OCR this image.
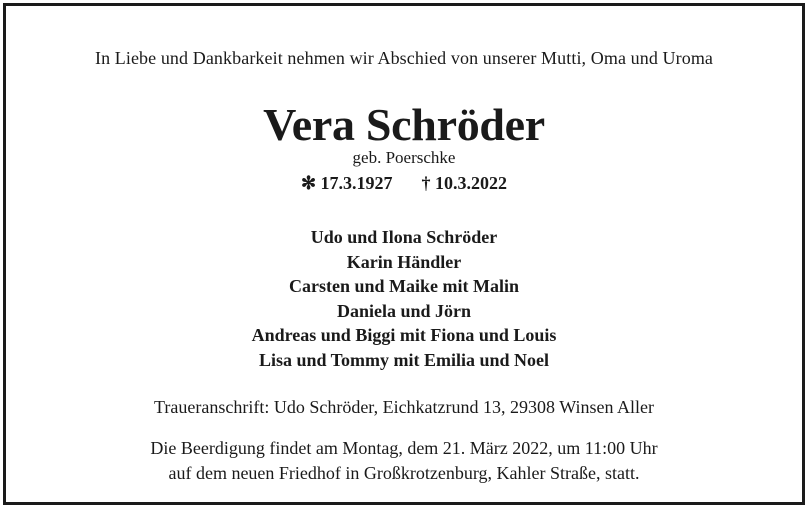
In Liebe und Dankbarkeit nehmen wir Abschied von unserer Mutti, Oma und Uroma
Vera Schröder
geb. Poerschke
✻ 17.3.1927 † 10.3.2022
Udo und Ilona Schröder
Karin Händler
Carsten und Maike mit Malin
Daniela und Jörn
Andreas und Biggi mit Fiona und Louis
Lisa und Tommy mit Emilia und Noel
Traueranschrift: Udo Schröder, Eichkatzrund 13, 29308 Winsen Aller
Die Beerdigung findet am Montag, dem 21. März 2022, um 11:00 Uhr
auf dem neuen Friedhof in Großkrotzenburg, Kahler Straße, statt.
